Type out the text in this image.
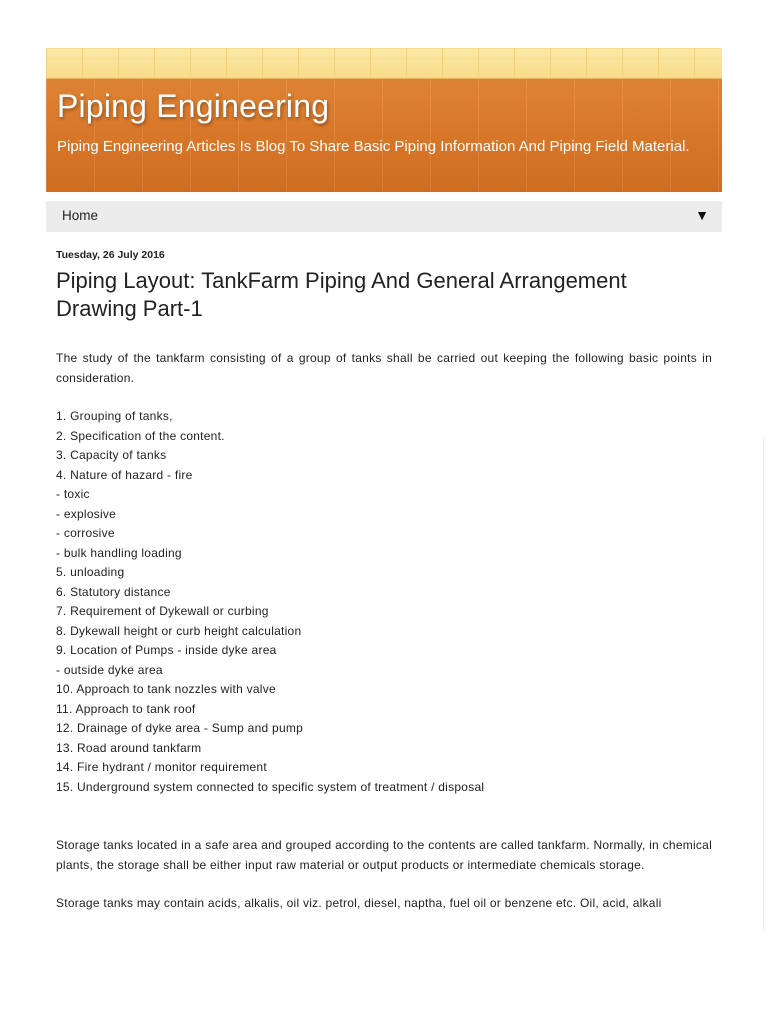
Piping Engineering

Piping Engineering Articles Is Blog To Share Basic Piping Information And Piping Field Material.

Home	▼

Tuesday, 26 July 2016

Piping Layout: TankFarm Piping And General Arrangement Drawing Part-1

The study of the tankfarm consisting of a group of tanks shall be carried out keeping the following basic points in consideration.

1. Grouping of tanks,
2. Specification of the content.
3. Capacity of tanks
4. Nature of hazard - fire
- toxic
- explosive
- corrosive
- bulk handling loading
5. unloading
6. Statutory distance
7. Requirement of Dykewall or curbing
8. Dykewall height or curb height calculation
9. Location of Pumps - inside dyke area
- outside dyke area
10. Approach to tank nozzles with valve
11. Approach to tank roof
12. Drainage of dyke area - Sump and pump
13. Road around tankfarm
14. Fire hydrant / monitor requirement
15. Underground system connected to specific system of treatment / disposal

Storage tanks located in a safe area and grouped according to the contents are called tankfarm. Normally, in chemical plants, the storage shall be either input raw material or output products or intermediate chemicals storage.

Storage tanks may contain acids, alkalis, oil viz. petrol, diesel, naptha, fuel oil or benzene etc. Oil, acid, alkali
